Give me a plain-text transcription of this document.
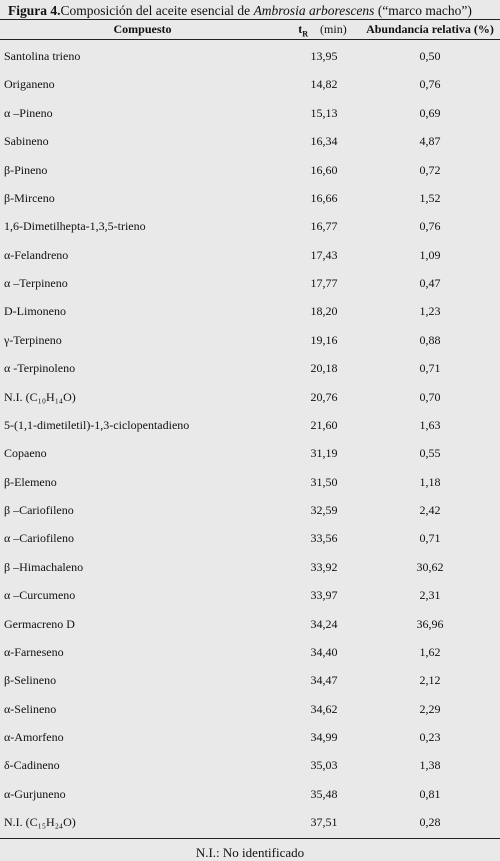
Figura 4.Composición del aceite esencial de Ambrosia arborescens (“marco macho”)
Compuesto	$t_R$ (min)	Abundancia relativa (%)
Santolina trieno	13,95	0,50
Origaneno	14,82	0,76
α –Pineno	15,13	0,69
Sabineno	16,34	4,87
β-Pineno	16,60	0,72
β-Mirceno	16,66	1,52
1,6-Dimetilhepta-1,3,5-trieno	16,77	0,76
α-Felandreno	17,43	1,09
α –Terpineno	17,77	0,47
D-Limoneno	18,20	1,23
γ-Terpineno	19,16	0,88
α -Terpinoleno	20,18	0,71
N.I. (C₁₀H₁₄O)	20,76	0,70
5-(1,1-dimetiletil)-1,3-ciclopentadieno	21,60	1,63
Copaeno	31,19	0,55
β-Elemeno	31,50	1,18
β –Cariofileno	32,59	2,42
α –Cariofileno	33,56	0,71
β –Himachaleno	33,92	30,62
α –Curcumeno	33,97	2,31
Germacreno D	34,24	36,96
α-Farneseno	34,40	1,62
β-Selineno	34,47	2,12
α-Selineno	34,62	2,29
α-Amorfeno	34,99	0,23
δ-Cadineno	35,03	1,38
α-Gurjuneno	35,48	0,81
N.I. (C₁₅H₂₄O)	37,51	0,28
N.I.: No identificado
